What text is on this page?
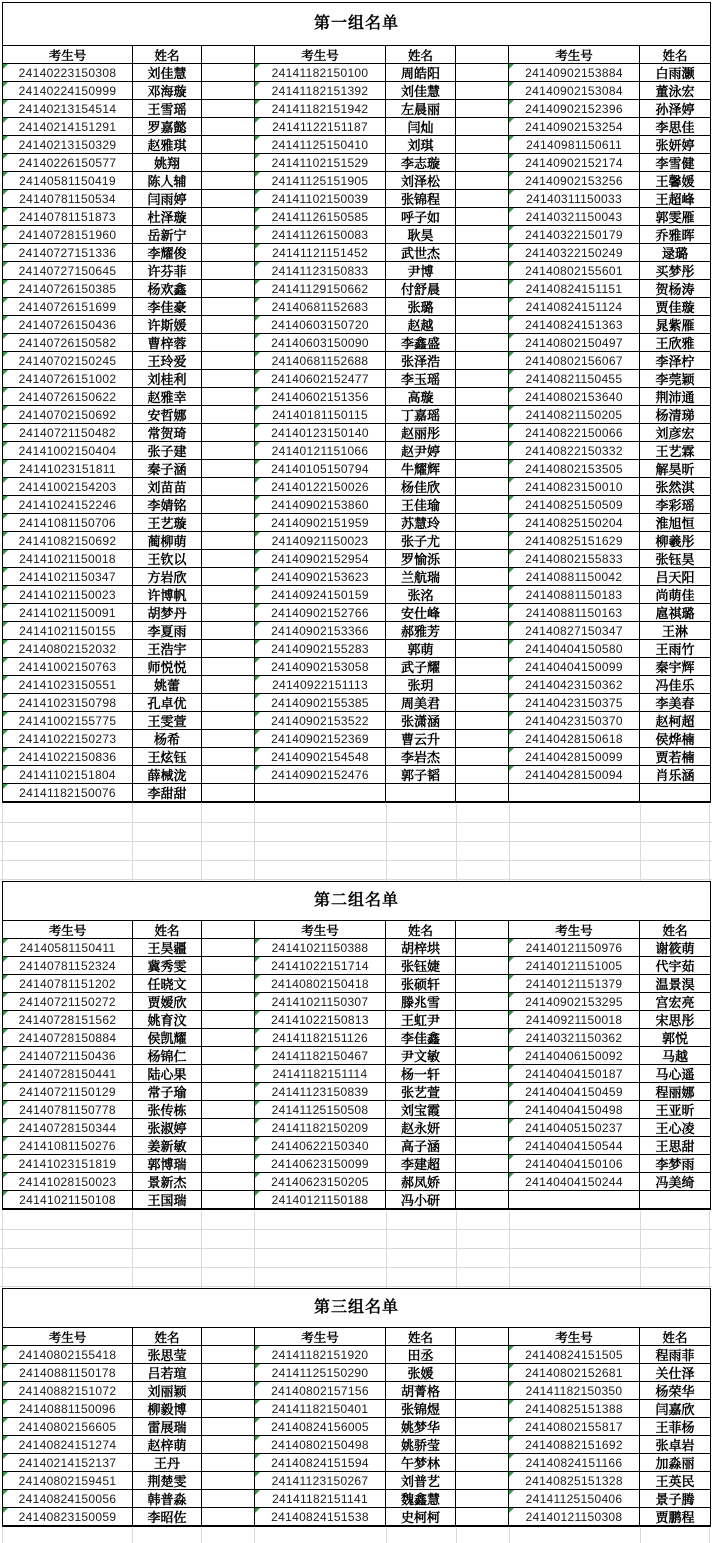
第一组名单
考生号	姓名	考生号	姓名	考生号	姓名
24140223150308	刘佳慧	24141182150100	周皓阳	24140902153884	白雨灏
24140224150999	邓海璇	24141182151392	刘佳慧	24140902153084	董泳宏
24140213154514	王雪瑶	24141182151942	左晨丽	24140902152396	孙泽婷
24140214151291	罗嘉懿	24141122151187	闫灿	24140902153254	李思佳
24140213150329	赵雅琪	24141125150410	刘琪	24140981150611	张妍婷
24140226150577	姚翔	24141102151529	李志璇	24140902152174	李雪健
24140581150419	陈人辅	24141125151905	刘泽松	24140902153256	王馨媛
24140781150534	闫雨婷	24141102150039	张锦程	24140311150033	王超峰
24140781151873	杜泽璇	24141126150585	呼子如	24140321150043	郭雯雁
24140728151960	岳新宁	24141126150083	耿昊	24140322150179	乔雅晖
24140727151336	李耀俊	24141121151452	武世杰	24140322150249	逯璐
24140727150645	许芬菲	24141123150833	尹博	24140802155601	买梦彤
24140726150385	杨欢鑫	24141129150662	付舒晨	24140824151151	贺杨涛
24140726151699	李佳豪	24140681152683	张璐	24140824151124	贾佳璇
24140726150436	许斯媛	24140603150720	赵越	24140824151363	晁紫雁
24140726150582	曹梓蓉	24140603150090	李鑫盛	24140802150497	王欣雅
24140702150245	王玲爱	24140681152688	张泽浩	24140802156067	李泽柠
24140726151002	刘桂利	24140602152477	李玉瑶	24140821150455	李莞颖
24140726150622	赵雅幸	24140602151356	高璇	24140802153640	荆沛通
24140702150692	安哲娜	24140181150115	丁嘉瑶	24140821150205	杨清珶
24140721150482	常贺琦	24140123150140	赵丽彤	24140822150066	刘彦宏
24141002150404	张子建	24140121151066	赵尹婷	24140822150332	王艺霖
24141023151811	秦子涵	24140105150794	牛耀辉	24140802153505	解昊昕
24141002154203	刘苗苗	24140122150026	杨佳欣	24140823150010	张然淇
24141024152246	李婧铭	24140902153860	王佳瑜	24140825150509	李彩瑶
24141081150706	王艺璇	24140902151959	苏慧玲	24140825150204	淮旭恒
24141082150692	蔺柳萌	24140921150023	张子尤	24140825151629	柳羲彤
24141021150018	王钦以	24140902152954	罗愉泺	24140802155833	张钰昊
24141021150347	方岩欣	24140902153623	兰航瑞	24140881150042	吕天阳
24141021150023	许博帆	24140924150159	张洺	24140881150183	尚萌佳
24141021150091	胡梦丹	24140902152766	安仕峰	24140881150163	扈祺璐
24141021150155	李夏雨	24140902153366	郝雅芳	24140827150347	王淋
24140802152032	王浩宇	24140902155283	郭萌	24140404150580	王雨竹
24141002150763	师悦悦	24140902153058	武子耀	24140404150099	秦宇辉
24141023150551	姚蕾	24140922151113	张玥	24140423150362	冯佳乐
24141023150798	孔卓优	24140902155385	周美君	24140423150375	李美春
24141002155775	王雯萱	24140902153522	张潇涵	24140423150370	赵柯超
24141022150273	杨希	24140902152369	曹云升	24140428150618	侯烨楠
24141022150836	王炫钰	24140902154548	李岩杰	24140428150099	贾若楠
24141102151804	薛械泷	24140902152476	郭子韬	24140428150094	肖乐涵
24141182150076	李甜甜
第二组名单
考生号	姓名	考生号	姓名	考生号	姓名
24140581150411	王昊疆	24141021150388	胡梓垬	24140121150976	谢筱萌
24140781152324	冀秀雯	24141022151714	张钰婕	24140121151005	代宇茹
24140781151202	任晓文	24140802150418	张硕轩	24140121151379	温景淏
24140721150272	贾嫒欣	24141021150307	滕兆雪	24140902153295	宫宏亮
24140728151562	姚育汶	24141022150813	王虹尹	24140921150018	宋思彤
24140728150884	侯凯耀	24141182151126	李佳鑫	24140321150362	郭悦
24140721150436	杨锦仁	24141182150467	尹文敏	24140406150092	马越
24140728150441	陆心果	24141182151114	杨一轩	24140404150187	马心遥
24140721150129	常子瑜	24141123150839	张艺萱	24140404150459	程丽娜
24140781150778	张传栋	24141125150508	刘宝霞	24140404150498	王亚昕
24140728150344	张淑婷	24141182150209	赵永妍	24140405150237	王心凌
24141081150276	姜新敏	24140622150340	高子涵	24140404150544	王思甜
24141023151819	郭博瑞	24140623150099	李建超	24140404150106	李梦雨
24141028150023	景新杰	24140623150205	郝凤娇	24140404150244	冯美绮
24141021150108	王国瑞	24140121150188	冯小研
第三组名单
考生号	姓名	考生号	姓名	考生号	姓名
24140802155418	张思莹	24141182151920	田丞	24140824151505	程雨菲
24140881150178	吕若瑄	24141125150290	张媛	24140802152681	关仕泽
24140882151072	刘丽颖	24140802157156	胡菁格	24141182150350	杨荣华
24140881150096	柳毅博	24141182150401	张锦煜	24140825151388	闫嘉欣
24140802156605	雷展瑞	24140824156005	姚梦华	24140802155817	王菲杨
24140824151274	赵梓萌	24140802150498	姚骄莹	24140882151692	张卓岩
24140214152137	王丹	24140824151594	午梦林	24140824151166	加淼丽
24140802159451	荆楚雯	24141123150267	刘普艺	24140825151328	王英民
24140824150056	韩普淼	24141182151141	魏鑫慧	24141125150406	景子腾
24140823150059	李昭佐	24140824151538	史柯柯	24140121150308	贾鹏程
